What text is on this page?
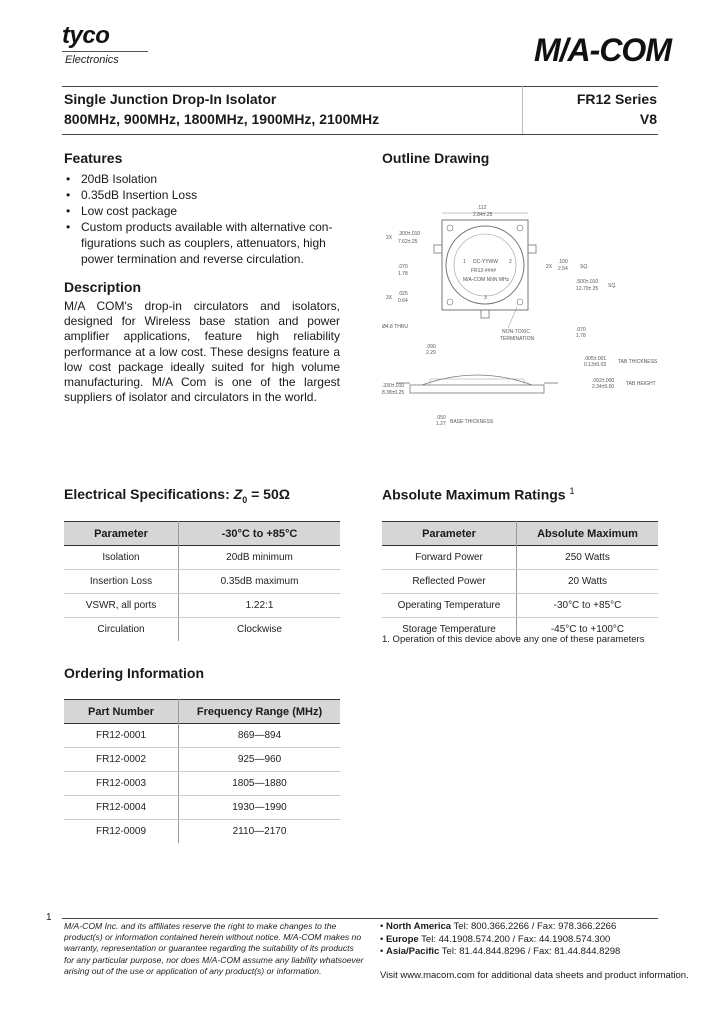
tyco
Electronics	M/A-COM
Single Junction Drop-In Isolator
800MHz, 900MHz, 1800MHz, 1900MHz, 2100MHz
FR12 Series
V8
Features
• 20dB Isolation
• 0.35dB Insertion Loss
• Low cost package
• Custom products available with alternative con-figurations such as couplers, attenuators, high power termination and reverse circulation.
Description
M/A COM's drop-in circulators and isolators, designed for Wireless base station and power amplifier applications, feature high reliability performance at a low cost. These designs feature a low cost package ideally suited for high volume manufacturing. M/A Com is one of the largest suppliers of isolator and circulators in the world.
Outline Drawing
DC-YYWW
FR12-####
M/A-COM NNN MHz
1	2
3
.112
2.84±.25
2X
.300±.010
7.62±.25
.070
1.78
3X
.025
0.64
Ø4.8 THRU
.090
2.29
2X
.100
2.54 SQ.
.500±.010
12.70±.25 SQ.
.070
1.78
NON-TOXIC
TERMINATION
.005±.001
0.13±0.03 TAB THICKNESS
.092±.000
2.34±0.00 TAB HEIGHT
.330±.010
8.38±0.25
BASE THICKNESS
.050
1.27
Electrical Specifications: $Z_0 = 50\Omega$
Parameter	-30°C to +85°C
Isolation	20dB minimum
Insertion Loss	0.35dB maximum
VSWR, all ports	1.22:1
Circulation	Clockwise
Absolute Maximum Ratings $^1$
Parameter	Absolute Maximum
Forward Power	250 Watts
Reflected Power	20 Watts
Operating Temperature	-30°C to +85°C
Storage Temperature	-45°C to +100°C
1. Operation of this device above any one of these parameters
Ordering Information
Part Number	Frequency Range (MHz)
FR12-0001	869—894
FR12-0002	925—960
FR12-0003	1805—1880
FR12-0004	1930—1990
FR12-0009	2110—2170
1
M/A-COM Inc. and its affiliates reserve the right to make changes to the product(s) or information contained herein without notice. M/A-COM makes no warranty, representation or guarantee regarding the suitability of its products for any particular purpose, nor does M/A-COM assume any liability whatsoever arising out of the use or application of any product(s) or information.
• North America Tel: 800.366.2266 / Fax: 978.366.2266
• Europe Tel: 44.1908.574.200 / Fax: 44.1908.574.300
• Asia/Pacific Tel: 81.44.844.8296 / Fax: 81.44.844.8298
Visit www.macom.com for additional data sheets and product information.
